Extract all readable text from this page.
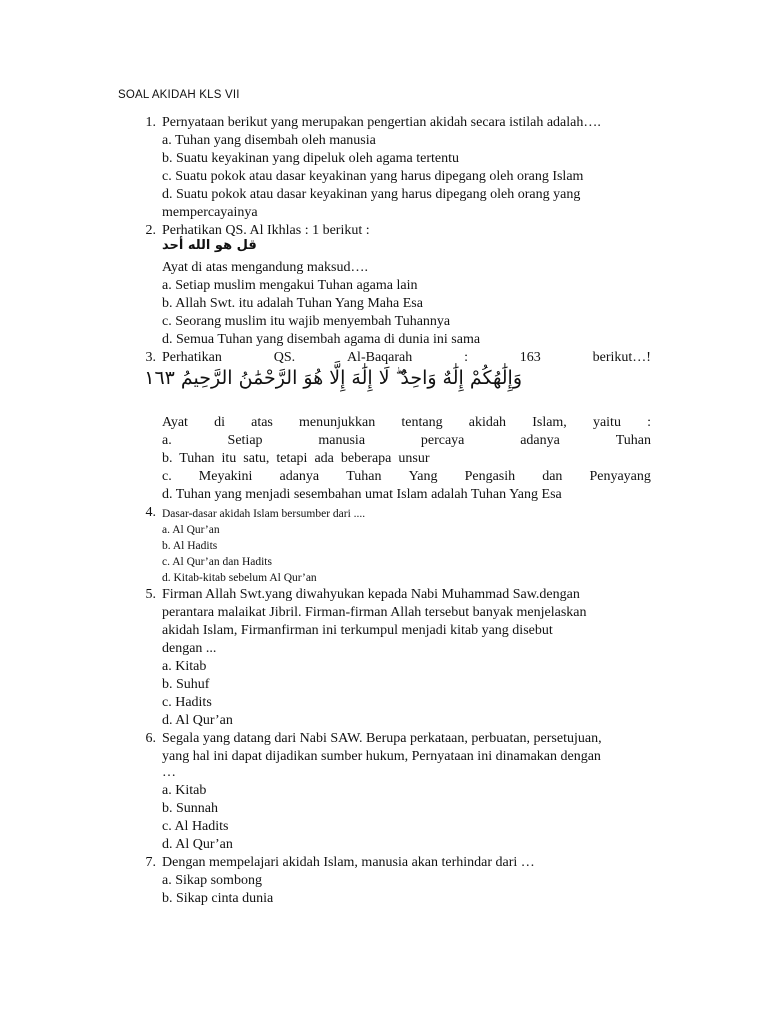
SOAL AKIDAH KLS VII
1. Pernyataan berikut yang merupakan pengertian akidah secara istilah adalah….
a. Tuhan yang disembah oleh manusia
b. Suatu keyakinan yang dipeluk oleh agama tertentu
c. Suatu pokok atau dasar keyakinan yang harus dipegang oleh orang Islam
d. Suatu pokok atau dasar keyakinan yang harus dipegang oleh orang yang
mempercayainya
2. Perhatikan QS. Al Ikhlas : 1 berikut :
قل هو الله أحد
Ayat di atas mengandung maksud….
a. Setiap muslim mengakui Tuhan agama lain
b. Allah Swt. itu adalah Tuhan Yang Maha Esa
c. Seorang muslim itu wajib menyembah Tuhannya
d. Semua Tuhan yang disembah agama di dunia ini sama
3. Perhatikan	QS.	Al-Baqarah	:	163	berikut…!
وَإِلَٰهُكُمْ إِلَٰهٌ وَاحِدٌ ۖ لَا إِلَٰهَ إِلَّا هُوَ الرَّحْمَٰنُ الرَّحِيمُ ١٦٣
Ayat di atas menunjukkan tentang akidah Islam, yaitu :
a.	Setiap	manusia	percaya	adanya	Tuhan
b.  Tuhan  itu  satu,  tetapi  ada  beberapa  unsur
c. Meyakini adanya Tuhan Yang Pengasih dan Penyayang
d. Tuhan yang menjadi sesembahan umat Islam adalah Tuhan Yang Esa
4. Dasar-dasar akidah Islam bersumber dari ....
a. Al Qur’an
b. Al Hadits
c. Al Qur’an dan Hadits
d. Kitab-kitab sebelum Al Qur’an
5. Firman Allah Swt.yang diwahyukan kepada Nabi Muhammad Saw.dengan
perantara malaikat Jibril. Firman-firman Allah tersebut banyak menjelaskan
akidah Islam, Firmanfirman ini terkumpul menjadi kitab yang disebut
dengan ...
a. Kitab
b. Suhuf
c. Hadits
d. Al Qur’an
6. Segala yang datang dari Nabi SAW. Berupa perkataan, perbuatan, persetujuan,
yang hal ini dapat dijadikan sumber hukum, Pernyataan ini dinamakan dengan
…
a. Kitab
b. Sunnah
c. Al Hadits
d. Al Qur’an
7. Dengan mempelajari akidah Islam, manusia akan terhindar dari …
a. Sikap sombong
b. Sikap cinta dunia
